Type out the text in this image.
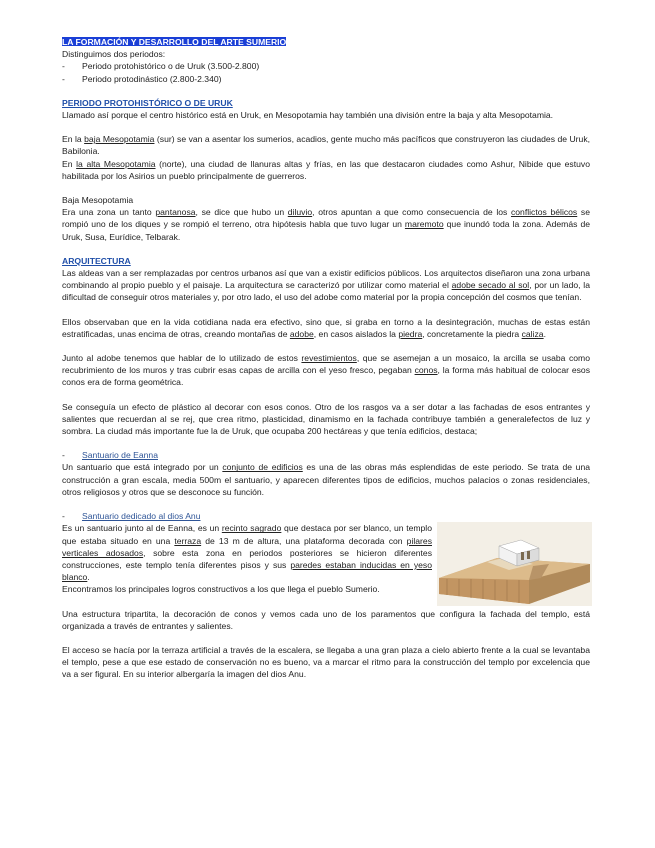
LA FORMACIÓN Y DESARROLLO DEL ARTE SUMERIO

Distinguimos dos periodos:

-	Periodo protohistórico o de Uruk (3.500-2.800)
-	Periodo protodinástico (2.800-2.340)

PERIODO PROTOHISTÓRICO O DE URUK

Llamado así porque el centro histórico está en Uruk, en Mesopotamia hay también una división entre la baja y alta Mesopotamia.

En la baja Mesopotamia (sur) se van a asentar los sumerios, acadios, gente mucho más pacíficos que construyeron las ciudades de Uruk, Babilonia.

En la alta Mesopotamia (norte), una ciudad de llanuras altas y frías, en las que destacaron ciudades como Ashur, Nibide que estuvo habilitada por los Asirios un pueblo principalmente de guerreros.

Baja Mesopotamia

Era una zona un tanto pantanosa, se dice que hubo un diluvio, otros apuntan a que como consecuencia de los conflictos bélicos se rompió uno de los diques y se rompió el terreno, otra hipótesis habla que tuvo lugar un maremoto que inundó toda la zona. Además de Uruk, Susa, Eurídice, Telbarak.

ARQUITECTURA

Las aldeas van a ser remplazadas por centros urbanos así que van a existir edificios públicos. Los arquitectos diseñaron una zona urbana combinando al propio pueblo y el paisaje. La arquitectura se caracterizó por utilizar como material el adobe secado al sol, por un lado, la dificultad de conseguir otros materiales y, por otro lado, el uso del adobe como material por la propia concepción del cosmos que tenían.

Ellos observaban que en la vida cotidiana nada era efectivo, sino que, si graba en torno a la desintegración, muchas de estas están estratificadas, unas encima de otras, creando montañas de adobe, en casos aislados la piedra, concretamente la piedra caliza.

Junto al adobe tenemos que hablar de lo utilizado de estos revestimientos, que se asemejan a un mosaico, la arcilla se usaba como recubrimiento de los muros y tras cubrir esas capas de arcilla con el yeso fresco, pegaban conos, la forma más habitual de colocar esos conos era de forma geométrica.

Se conseguía un efecto de plástico al decorar con esos conos. Otro de los rasgos va a ser dotar a las fachadas de esos entrantes y salientes que recuerdan al se rej, que crea ritmo, plasticidad, dinamismo en la fachada contribuye también a generalefectos de luz y sombra. La ciudad más importante fue la de Uruk, que ocupaba 200 hectáreas y que tenía edificios, destaca;

-	Santuario de Eanna

Un santuario que está integrado por un conjunto de edificios es una de las obras más esplendidas de este periodo. Se trata de una construcción a gran escala, media 500m el santuario, y aparecen diferentes tipos de edificios, muchos palacios o zonas residenciales, otros religiosos y otros que se desconoce su función.

-	Santuario dedicado al dios Anu

Es un santuario junto al de Eanna, es un recinto sagrado que destaca por ser blanco, un templo que estaba situado en una terraza de 13 m de altura, una plataforma decorada con pilares verticales adosados, sobre esta zona en periodos posteriores se hicieron diferentes construcciones, este templo tenía diferentes pisos y sus paredes estaban inducidas en yeso blanco.

Encontramos los principales logros constructivos a los que llega el pueblo Sumerio.

Una estructura tripartita, la decoración de conos y vemos cada uno de los paramentos que configura la fachada del templo, está organizada a través de entrantes y salientes.

El acceso se hacía por la terraza artificial a través de la escalera, se llegaba a una gran plaza a cielo abierto frente a la cual se levantaba el templo, pese a que ese estado de conservación no es bueno, va a marcar el ritmo para la construcción del templo por excelencia que va a ser figural. En su interior albergaría la imagen del dios Anu.
